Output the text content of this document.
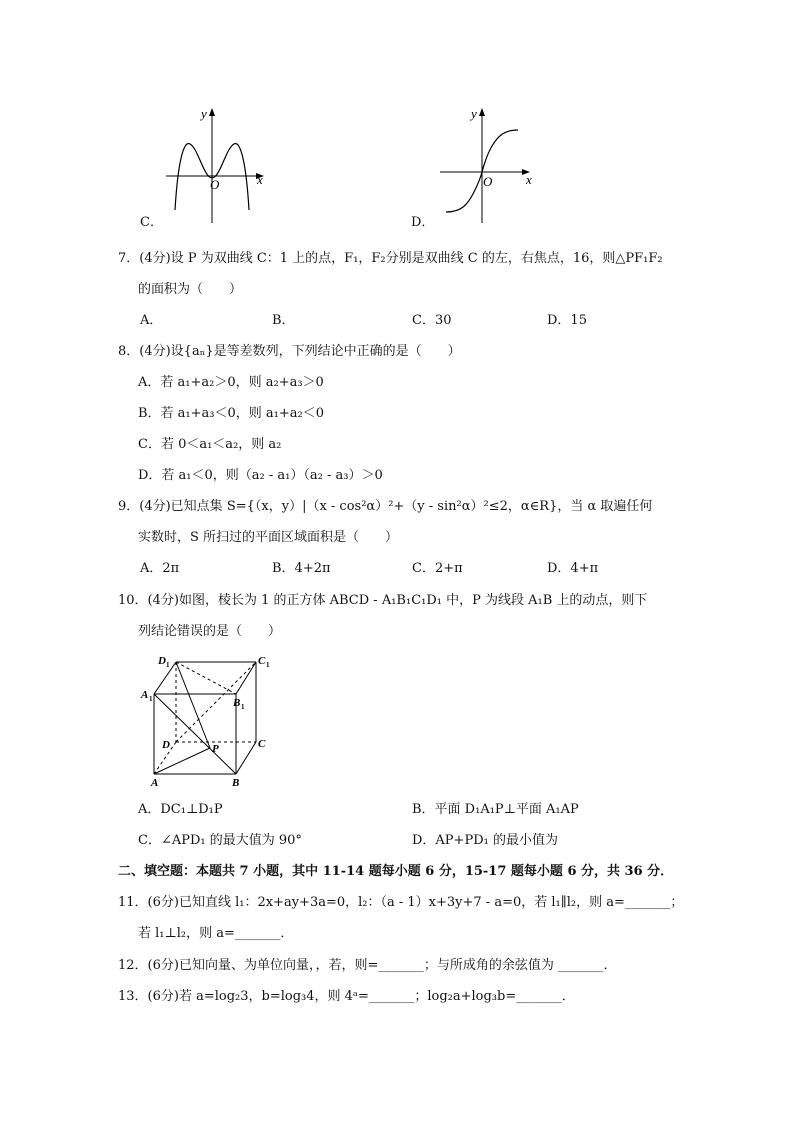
C．
y
x
O
D．
y
x
O
7．(4分)设 P 为双曲线 C：1 上的点，F₁，F₂分别是双曲线 C 的左，右焦点，16，则△PF₁F₂
的面积为（　　）
A．	B．	C．30	D．15
8．(4分)设{aₙ}是等差数列，下列结论中正确的是（　　）
A．若 a₁+a₂＞0，则 a₂+a₃＞0
B．若 a₁+a₃＜0，则 a₁+a₂＜0
C．若 0＜a₁＜a₂，则 a₂
D．若 a₁＜0，则（a₂ - a₁）（a₂ - a₃）＞0
9．(4分)已知点集 S={（x，y）|（x - cos²α）²+（y - sin²α）²≤2，α∈R}，当 α 取遍任何
实数时，S 所扫过的平面区域面积是（　　）
A．2π	B．4+2π	C．2+π	D．4+π
10．(4分)如图，棱长为 1 的正方体 ABCD - A₁B₁C₁D₁ 中，P 为线段 A₁B 上的动点，则下
列结论错误的是（　　）
D 1	C 1
A 1	B 1
D	C
P
A	B
A．DC₁⊥D₁P	B．平面 D₁A₁P⊥平面 A₁AP
C．∠APD₁ 的最大值为 90°	D．AP+PD₁ 的最小值为
二、填空题：本题共 7 小题，其中 11-14 题每小题 6 分，15-17 题每小题 6 分，共 36 分．
11．(6分)已知直线 l₁：2x+ay+3a=0，l₂：（a - 1）x+3y+7 - a=0，若 l₁∥l₂，则 a=_______；
若 l₁⊥l₂，则 a=_______．
12．(6分)已知向量、为单位向量，，若，则=_______；与所成角的余弦值为 _______．
13．(6分)若 a=log₂3，b=log₃4，则 4ᵃ=_______；log₂a+log₃b=_______．
